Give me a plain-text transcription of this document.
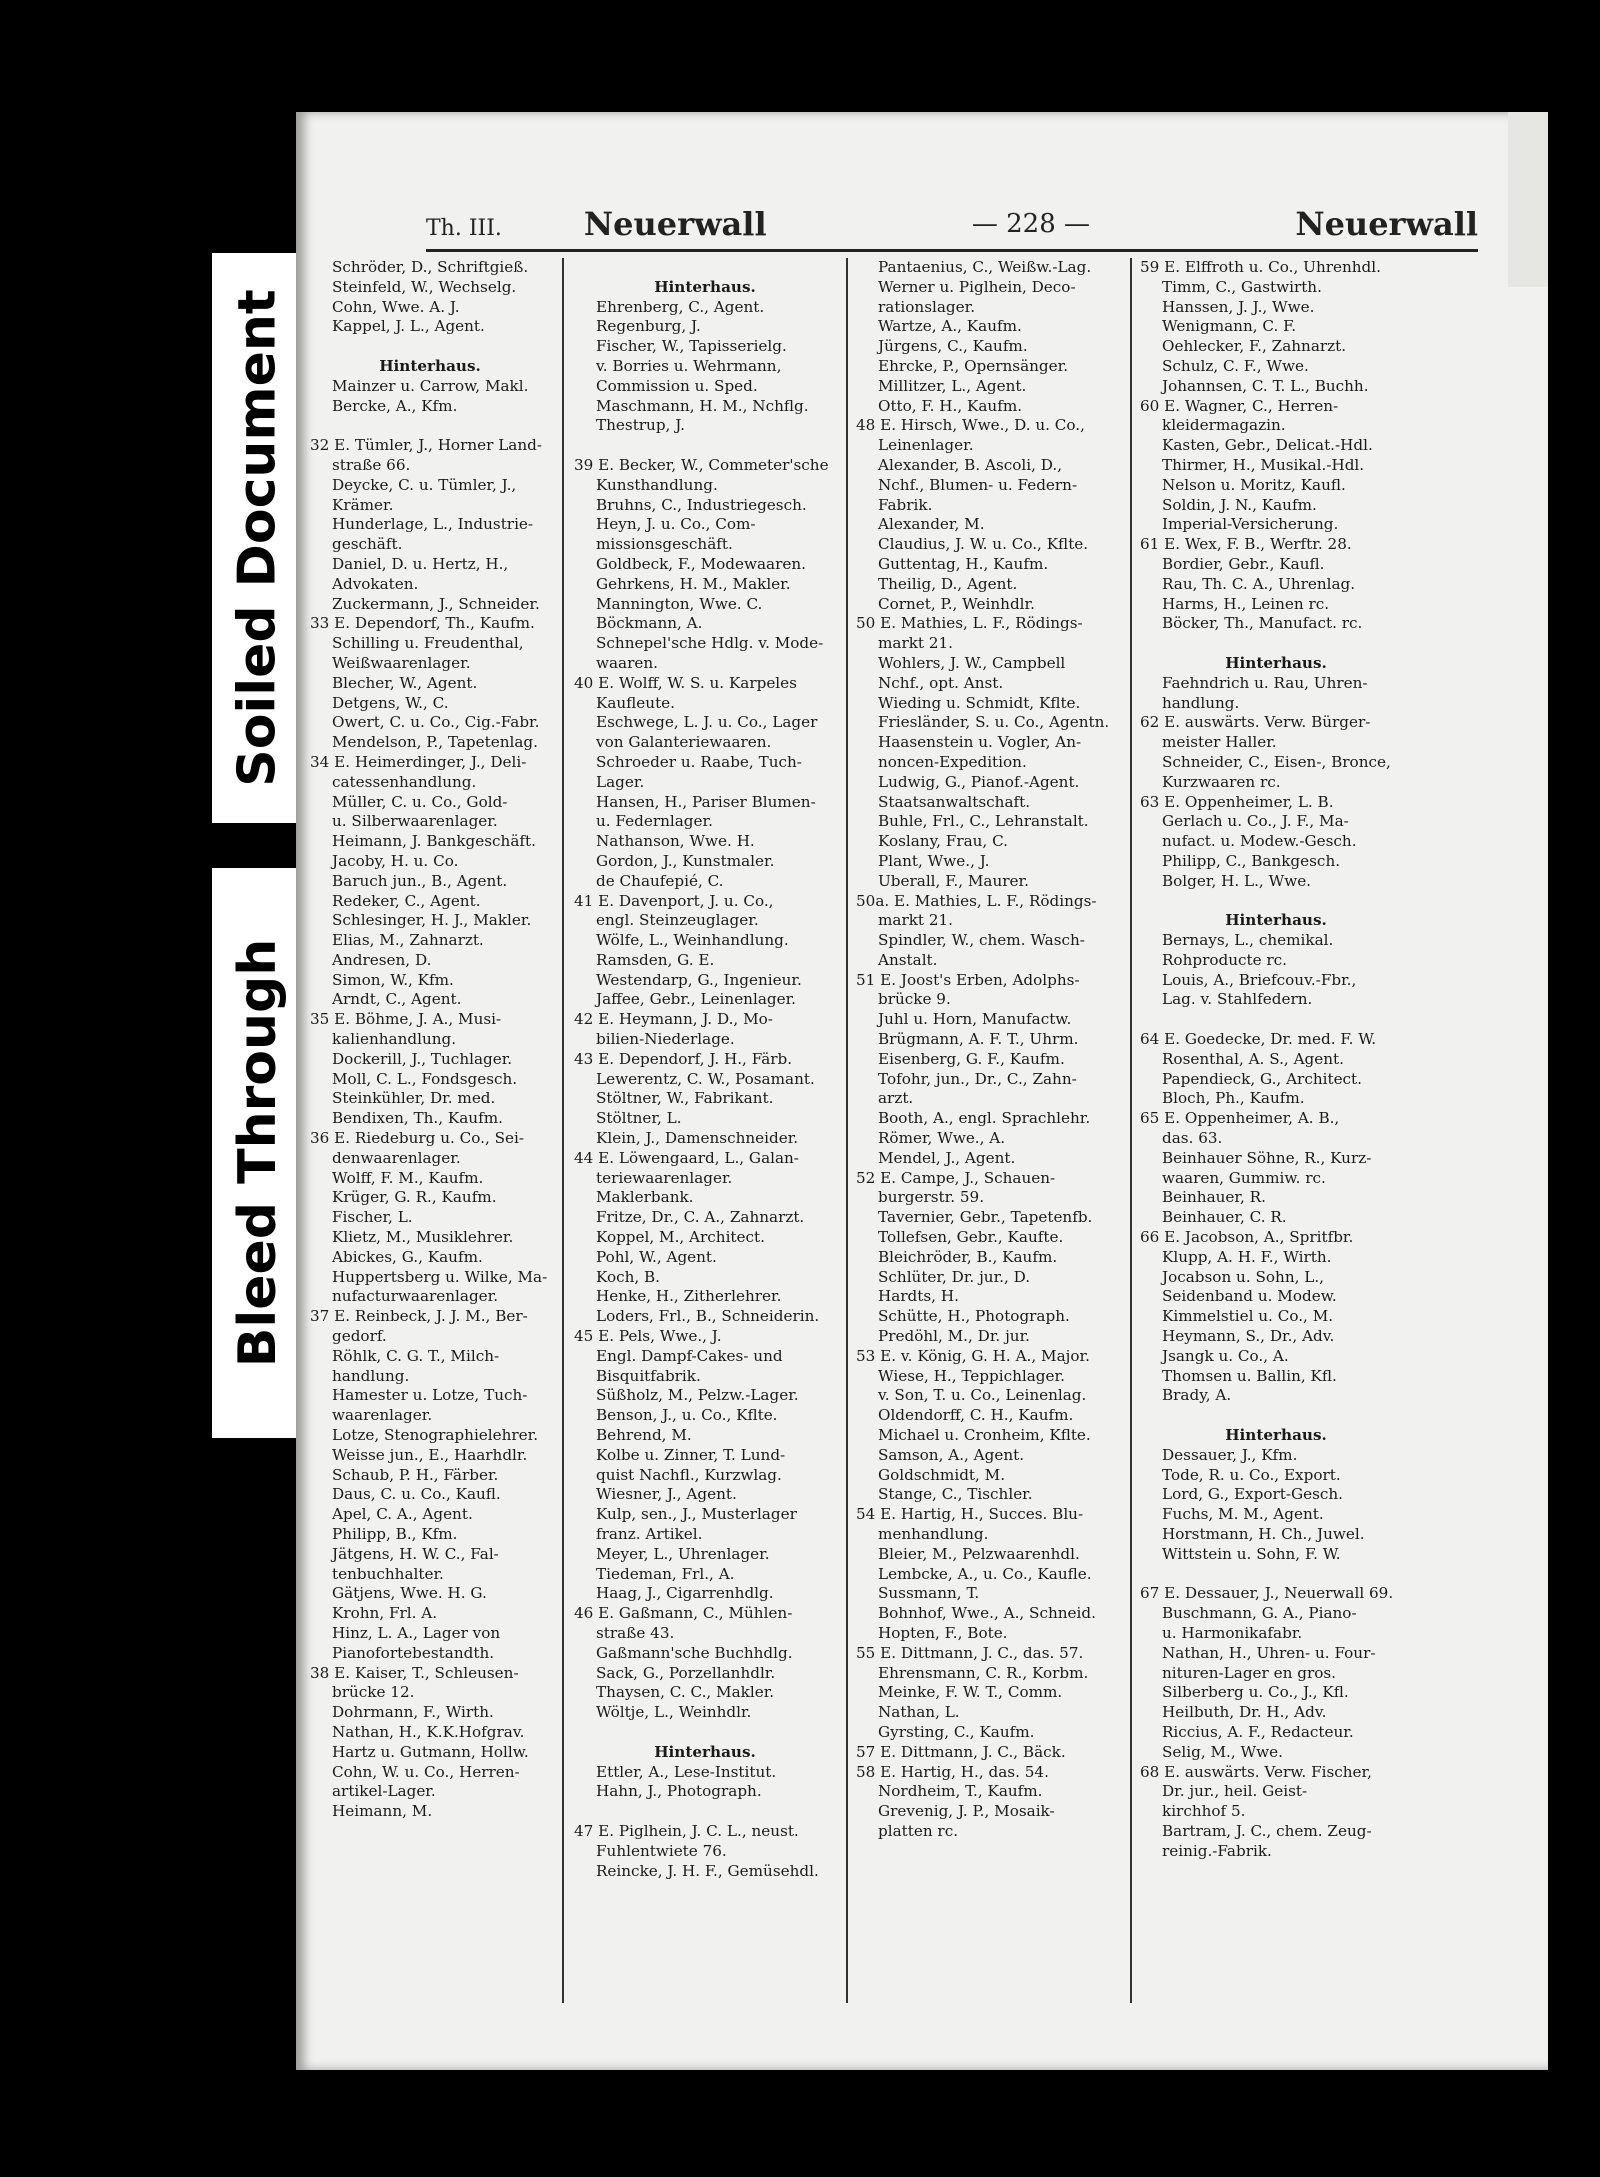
Soiled Document
Bleed Through
Th. III.	Neuerwall	— 228 —	Neuerwall
Schröder, D., Schriftgieß.
Steinfeld, W., Wechselg.
Cohn, Wwe. A. J.
Kappel, J. L., Agent.

Hinterhaus.
Mainzer u. Carrow, Makl.
Bercke, A., Kfm.

32 E. Tümler, J., Horner Land-
straße 66.
Deycke, C. u. Tümler, J.,
Krämer.
Hunderlage, L., Industrie-
geschäft.
Daniel, D. u. Hertz, H.,
Advokaten.
Zuckermann, J., Schneider.
33 E. Dependorf, Th., Kaufm.
Schilling u. Freudenthal,
Weißwaarenlager.
Blecher, W., Agent.
Detgens, W., C.
Owert, C. u. Co., Cig.-Fabr.
Mendelson, P., Tapetenlag.
34 E. Heimerdinger, J., Deli-
catessenhandlung.
Müller, C. u. Co., Gold-
u. Silberwaarenlager.
Heimann, J. Bankgeschäft.
Jacoby, H. u. Co.
Baruch jun., B., Agent.
Redeker, C., Agent.
Schlesinger, H. J., Makler.
Elias, M., Zahnarzt.
Andresen, D.
Simon, W., Kfm.
Arndt, C., Agent.
35 E. Böhme, J. A., Musi-
kalienhandlung.
Dockerill, J., Tuchlager.
Moll, C. L., Fondsgesch.
Steinkühler, Dr. med.
Bendixen, Th., Kaufm.
36 E. Riedeburg u. Co., Sei-
denwaarenlager.
Wolff, F. M., Kaufm.
Krüger, G. R., Kaufm.
Fischer, L.
Klietz, M., Musiklehrer.
Abickes, G., Kaufm.
Huppertsberg u. Wilke, Ma-
nufacturwaarenlager.
37 E. Reinbeck, J. J. M., Ber-
gedorf.
Röhlk, C. G. T., Milch-
handlung.
Hamester u. Lotze, Tuch-
waarenlager.
Lotze, Stenographielehrer.
Weisse jun., E., Haarhdlr.
Schaub, P. H., Färber.
Daus, C. u. Co., Kaufl.
Apel, C. A., Agent.
Philipp, B., Kfm.
Jätgens, H. W. C., Fal-
tenbuchhalter.
Gätjens, Wwe. H. G.
Krohn, Frl. A.
Hinz, L. A., Lager von
Pianofortebestandth.
38 E. Kaiser, T., Schleusen-
brücke 12.
Dohrmann, F., Wirth.
Nathan, H., K.K.Hofgrav.
Hartz u. Gutmann, Hollw.
Cohn, W. u. Co., Herren-
artikel-Lager.
Heimann, M.

Hinterhaus.
Ehrenberg, C., Agent.
Regenburg, J.
Fischer, W., Tapisserielg.
v. Borries u. Wehrmann,
Commission u. Sped.
Maschmann, H. M., Nchflg.
Thestrup, J.

39 E. Becker, W., Commeter'sche
Kunsthandlung.
Bruhns, C., Industriegesch.
Heyn, J. u. Co., Com-
missionsgeschäft.
Goldbeck, F., Modewaaren.
Gehrkens, H. M., Makler.
Mannington, Wwe. C.
Böckmann, A.
Schnepel'sche Hdlg. v. Mode-
waaren.
40 E. Wolff, W. S. u. Karpeles
Kaufleute.
Eschwege, L. J. u. Co., Lager
von Galanteriewaaren.
Schroeder u. Raabe, Tuch-
Lager.
Hansen, H., Pariser Blumen-
u. Federnlager.
Nathanson, Wwe. H.
Gordon, J., Kunstmaler.
de Chaufepié, C.
41 E. Davenport, J. u. Co.,
engl. Steinzeuglager.
Wölfe, L., Weinhandlung.
Ramsden, G. E.
Westendarp, G., Ingenieur.
Jaffee, Gebr., Leinenlager.
42 E. Heymann, J. D., Mo-
bilien-Niederlage.
43 E. Dependorf, J. H., Färb.
Lewerentz, C. W., Posamant.
Stöltner, W., Fabrikant.
Stöltner, L.
Klein, J., Damenschneider.
44 E. Löwengaard, L., Galan-
teriewaarenlager.
Maklerbank.
Fritze, Dr., C. A., Zahnarzt.
Koppel, M., Architect.
Pohl, W., Agent.
Koch, B.
Henke, H., Zitherlehrer.
Loders, Frl., B., Schneiderin.
45 E. Pels, Wwe., J.
Engl. Dampf-Cakes- und
Bisquitfabrik.
Süßholz, M., Pelzw.-Lager.
Benson, J., u. Co., Kflte.
Behrend, M.
Kolbe u. Zinner, T. Lund-
quist Nachfl., Kurzwlag.
Wiesner, J., Agent.
Kulp, sen., J., Musterlager
franz. Artikel.
Meyer, L., Uhrenlager.
Tiedeman, Frl., A.
Haag, J., Cigarrenhdlg.
46 E. Gaßmann, C., Mühlen-
straße 43.
Gaßmann'sche Buchhdlg.
Sack, G., Porzellanhdlr.
Thaysen, C. C., Makler.
Wöltje, L., Weinhdlr.

Hinterhaus.
Ettler, A., Lese-Institut.
Hahn, J., Photograph.

47 E. Piglhein, J. C. L., neust.
Fuhlentwiete 76.
Reincke, J. H. F., Gemüsehdl.
Pantaenius, C., Weißw.-Lag.
Werner u. Piglhein, Deco-
rationslager.
Wartze, A., Kaufm.
Jürgens, C., Kaufm.
Ehrcke, P., Opernsänger.
Millitzer, L., Agent.
Otto, F. H., Kaufm.
48 E. Hirsch, Wwe., D. u. Co.,
Leinenlager.
Alexander, B. Ascoli, D.,
Nchf., Blumen- u. Federn-
Fabrik.
Alexander, M.
Claudius, J. W. u. Co., Kflte.
Guttentag, H., Kaufm.
Theilig, D., Agent.
Cornet, P., Weinhdlr.
50 E. Mathies, L. F., Rödings-
markt 21.
Wohlers, J. W., Campbell
Nchf., opt. Anst.
Wieding u. Schmidt, Kflte.
Friesländer, S. u. Co., Agentn.
Haasenstein u. Vogler, An-
noncen-Expedition.
Ludwig, G., Pianof.-Agent.
Staatsanwaltschaft.
Buhle, Frl., C., Lehranstalt.
Koslany, Frau, C.
Plant, Wwe., J.
Uberall, F., Maurer.
50a. E. Mathies, L. F., Rödings-
markt 21.
Spindler, W., chem. Wasch-
Anstalt.
51 E. Joost's Erben, Adolphs-
brücke 9.
Juhl u. Horn, Manufactw.
Brügmann, A. F. T., Uhrm.
Eisenberg, G. F., Kaufm.
Tofohr, jun., Dr., C., Zahn-
arzt.
Booth, A., engl. Sprachlehr.
Römer, Wwe., A.
Mendel, J., Agent.
52 E. Campe, J., Schauen-
burgerstr. 59.
Tavernier, Gebr., Tapetenfb.
Tollefsen, Gebr., Kaufte.
Bleichröder, B., Kaufm.
Schlüter, Dr. jur., D.
Hardts, H.
Schütte, H., Photograph.
Predöhl, M., Dr. jur.
53 E. v. König, G. H. A., Major.
Wiese, H., Teppichlager.
v. Son, T. u. Co., Leinenlag.
Oldendorff, C. H., Kaufm.
Michael u. Cronheim, Kflte.
Samson, A., Agent.
Goldschmidt, M.
Stange, C., Tischler.
54 E. Hartig, H., Succes. Blu-
menhandlung.
Bleier, M., Pelzwaarenhdl.
Lembcke, A., u. Co., Kaufle.
Sussmann, T.
Bohnhof, Wwe., A., Schneid.
Hopten, F., Bote.
55 E. Dittmann, J. C., das. 57.
Ehrensmann, C. R., Korbm.
Meinke, F. W. T., Comm.
Nathan, L.
Gyrsting, C., Kaufm.
57 E. Dittmann, J. C., Bäck.
58 E. Hartig, H., das. 54.
Nordheim, T., Kaufm.
Grevenig, J. P., Mosaik-
platten rc.
59 E. Elffroth u. Co., Uhrenhdl.
Timm, C., Gastwirth.
Hanssen, J. J., Wwe.
Wenigmann, C. F.
Oehlecker, F., Zahnarzt.
Schulz, C. F., Wwe.
Johannsen, C. T. L., Buchh.
60 E. Wagner, C., Herren-
kleidermagazin.
Kasten, Gebr., Delicat.-Hdl.
Thirmer, H., Musikal.-Hdl.
Nelson u. Moritz, Kaufl.
Soldin, J. N., Kaufm.
Imperial-Versicherung.
61 E. Wex, F. B., Werftr. 28.
Bordier, Gebr., Kaufl.
Rau, Th. C. A., Uhrenlag.
Harms, H., Leinen rc.
Böcker, Th., Manufact. rc.

Hinterhaus.
Faehndrich u. Rau, Uhren-
handlung.
62 E. auswärts. Verw. Bürger-
meister Haller.
Schneider, C., Eisen-, Bronce,
Kurzwaaren rc.
63 E. Oppenheimer, L. B.
Gerlach u. Co., J. F., Ma-
nufact. u. Modew.-Gesch.
Philipp, C., Bankgesch.
Bolger, H. L., Wwe.

Hinterhaus.
Bernays, L., chemikal.
Rohproducte rc.
Louis, A., Briefcouv.-Fbr.,
Lag. v. Stahlfedern.

64 E. Goedecke, Dr. med. F. W.
Rosenthal, A. S., Agent.
Papendieck, G., Architect.
Bloch, Ph., Kaufm.
65 E. Oppenheimer, A. B.,
das. 63.
Beinhauer Söhne, R., Kurz-
waaren, Gummiw. rc.
Beinhauer, R.
Beinhauer, C. R.
66 E. Jacobson, A., Spritfbr.
Klupp, A. H. F., Wirth.
Jocabson u. Sohn, L.,
Seidenband u. Modew.
Kimmelstiel u. Co., M.
Heymann, S., Dr., Adv.
Jsangk u. Co., A.
Thomsen u. Ballin, Kfl.
Brady, A.

Hinterhaus.
Dessauer, J., Kfm.
Tode, R. u. Co., Export.
Lord, G., Export-Gesch.
Fuchs, M. M., Agent.
Horstmann, H. Ch., Juwel.
Wittstein u. Sohn, F. W.

67 E. Dessauer, J., Neuerwall 69.
Buschmann, G. A., Piano-
u. Harmonikafabr.
Nathan, H., Uhren- u. Four-
nituren-Lager en gros.
Silberberg u. Co., J., Kfl.
Heilbuth, Dr. H., Adv.
Riccius, A. F., Redacteur.
Selig, M., Wwe.
68 E. auswärts. Verw. Fischer,
Dr. jur., heil. Geist-
kirchhof 5.
Bartram, J. C., chem. Zeug-
reinig.-Fabrik.
